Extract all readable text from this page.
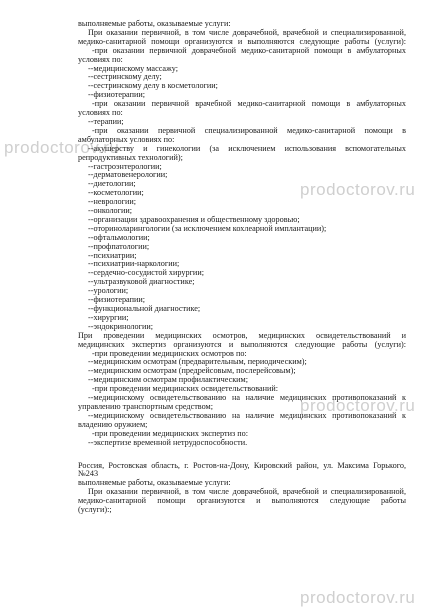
prodoctorov.ru
prodoctorov.ru
prodoctorov.ru
prodoctorov.ru

выполняемые работы, оказываемые услуги:

При оказании первичной, в том числе доврачебной, врачебной и специализированной,

медико-санитарной помощи организуются и выполняются следующие работы (услуги):

-при оказании первичной доврачебной медико-санитарной помощи в амбулаторных

условиях по:

--медицинскому массажу;

--сестринскому делу;

--сестринскому делу в косметологии;

--физиотерапии;

-при оказании первичной врачебной медико-санитарной помощи в амбулаторных

условиях по:

--терапии;

-при оказании первичной специализированной медико-санитарной помощи в

амбулаторных условиях по:

--акушерству и гинекологии (за исключением использования вспомогательных

репродуктивных технологий);

--гастроэнтерологии;

--дерматовенерологии;

--диетологии;

--косметологии;

--неврологии;

--онкологии;

--организации здравоохранения и общественному здоровью;

--оториноларингологии (за исключением кохлеарной имплантации);

--офтальмологии;

--профпатологии;

--психиатрии;

--психиатрии-наркологии;

--сердечно-сосудистой хирургии;

--ультразвуковой диагностике;

--урологии;

--физиотерапии;

--функциональной диагностике;

--хирургии;

--эндокринологии;

При проведении медицинских осмотров, медицинских освидетельствований и

медицинских экспертиз организуются и выполняются следующие работы (услуги):

-при проведении медицинских осмотров по:

--медицинским осмотрам (предварительным, периодическим);

--медицинским осмотрам (предрейсовым, послерейсовым);

--медицинским осмотрам профилактическим;

-при проведении медицинских освидетельствований:

--медицинскому освидетельствованию на наличие медицинских противопоказаний к

управлению транспортным средством;

--медицинскому освидетельствованию на наличие медицинских противопоказаний к

владению оружием;

-при проведении медицинских экспертиз по:

--экспертизе временной нетрудоспособности.

Россия, Ростовская область, г. Ростов-на-Дону, Кировский район, ул. Максима Горького,

№243

выполняемые работы, оказываемые услуги:

При оказании первичной, в том числе доврачебной, врачебной и специализированной,

медико-санитарной помощи организуются и выполняются следующие работы

(услуги):;
